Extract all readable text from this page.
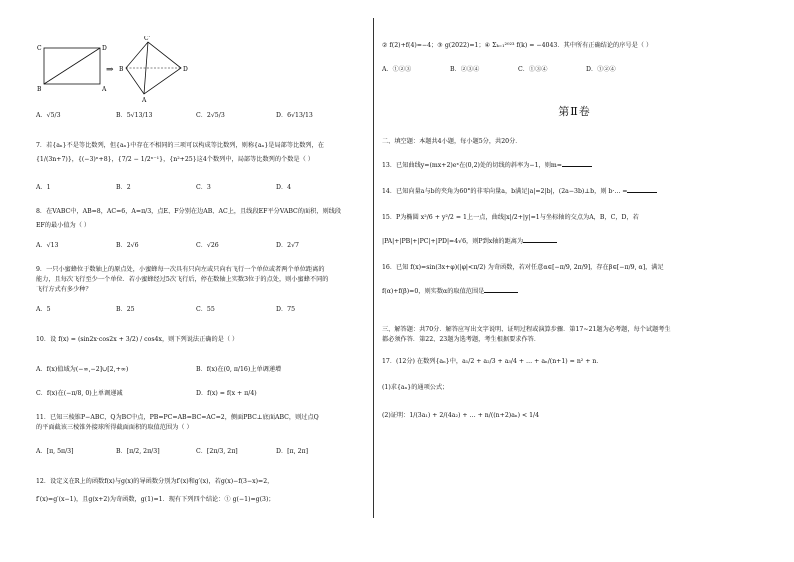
C	D
B	A
⇒
C'
B	D
A
A．√5/3	B．5√13/13	C．2√5/3	D．6√13/13
7．若{aₙ}不是等比数列，但{aₙ}中存在不相同的三项可以构成等比数列，则称{aₙ}是局部等比数列，在
{1/(3n+7)}，{(−3)ⁿ+8}，{7/2 − 1/2ⁿ⁻¹}，{n²+25}这4个数列中，局部等比数列的个数是（ ）
A．1	B．2	C．3	D．4
8．在VABC中，AB=8，AC=6，A=π/3，点E、F分别在边AB、AC上，且线段EF平分VABC的面积，则线段
EF的最小值为（ ）
A．√13	B．2√6	C．√26	D．2√7
9．一只小蜜蜂位于数轴上的原点处，小蜜蜂每一次具有只向左或只向右飞行一个单位或者两个单位距离的
能力，且每次飞行至少一个单位．若小蜜蜂经过5次飞行后，停在数轴上实数3位于的点处，则小蜜蜂不同的
飞行方式有多少种？
A．5	B．25	C．55	D．75
10．设 f(x) = (sin2x·cos2x + 3/2) / cos4x，则下列说法正确的是（ ）
A．f(x)值域为(−∞,−2]∪[2,+∞)	B．f(x)在(0, π/16)上单调递增
C．f(x)在(−π/8, 0)上单调递减	D．f(x) = f(x + π/4)
11．已知三棱锥P−ABC，Q为BC中点，PB=PC=AB=BC=AC=2，侧面PBC⊥底面ABC，则过点Q
的平面截该三棱锥外接球所得截面面积的取值范围为（ ）
A．[π, 5π/3]	B．[π/2, 2π/3]	C．[2π/3, 2π]	D．[π, 2π]
12．设定义在R上的函数f(x)与g(x)的导函数分别为f′(x)和g′(x)，若g(x)−f(3−x)=2，
f′(x)=g′(x−1)，且g(x+2)为奇函数，g(1)=1．现有下列四个结论：① g(−1)=g(3)；
② f(2)+f(4)=−4；③ g(2022)=1；④ Σₖ₌₁²⁰²³ f(k) = −4043．其中所有正确结论的序号是（ ）
A．①②③	B．②③④	C．①③④	D．①②④
第Ⅱ卷
二、填空题：本题共4小题，每小题5分，共20分．
13．已知曲线y=(mx+2)eˣ在(0,2)处的切线的斜率为−1，则m=
14．已知向量a与b的夹角为60°的非零向量a，b满足|a|=2|b|，(2a−3b)⊥b，则 b·... =
15．P为椭圆 x²/6 + y²/2 = 1上一点，曲线|x|/2+|y|=1与坐标轴的交点为A，B，C，D，若
|PA|+|PB|+|PC|+|PD|=4√6，则P到x轴的距离为
16．已知 f(x)=sin(3x+φ)(|φ|<π/2) 为奇函数，若对任意α∈[−π/9, 2π/9]，存在β∈[−π/9, α]，满足
f(α)+f(β)=0，则实数α的取值范围是
三、解答题：共70分．解答应写出文字说明、证明过程或演算步骤．第17~21题为必考题，每个试题考生
都必须作答．第22、23题为选考题，考生根据要求作答．
17．(12分) 在数列{aₙ}中，a₁/2 + a₂/3 + a₃/4 + … + aₙ/(n+1) = n² + n．
(1)求{aₙ}的通项公式；
(2)证明：1/(3a₁) + 2/(4a₂) + … + n/((n+2)aₙ) < 1/4
